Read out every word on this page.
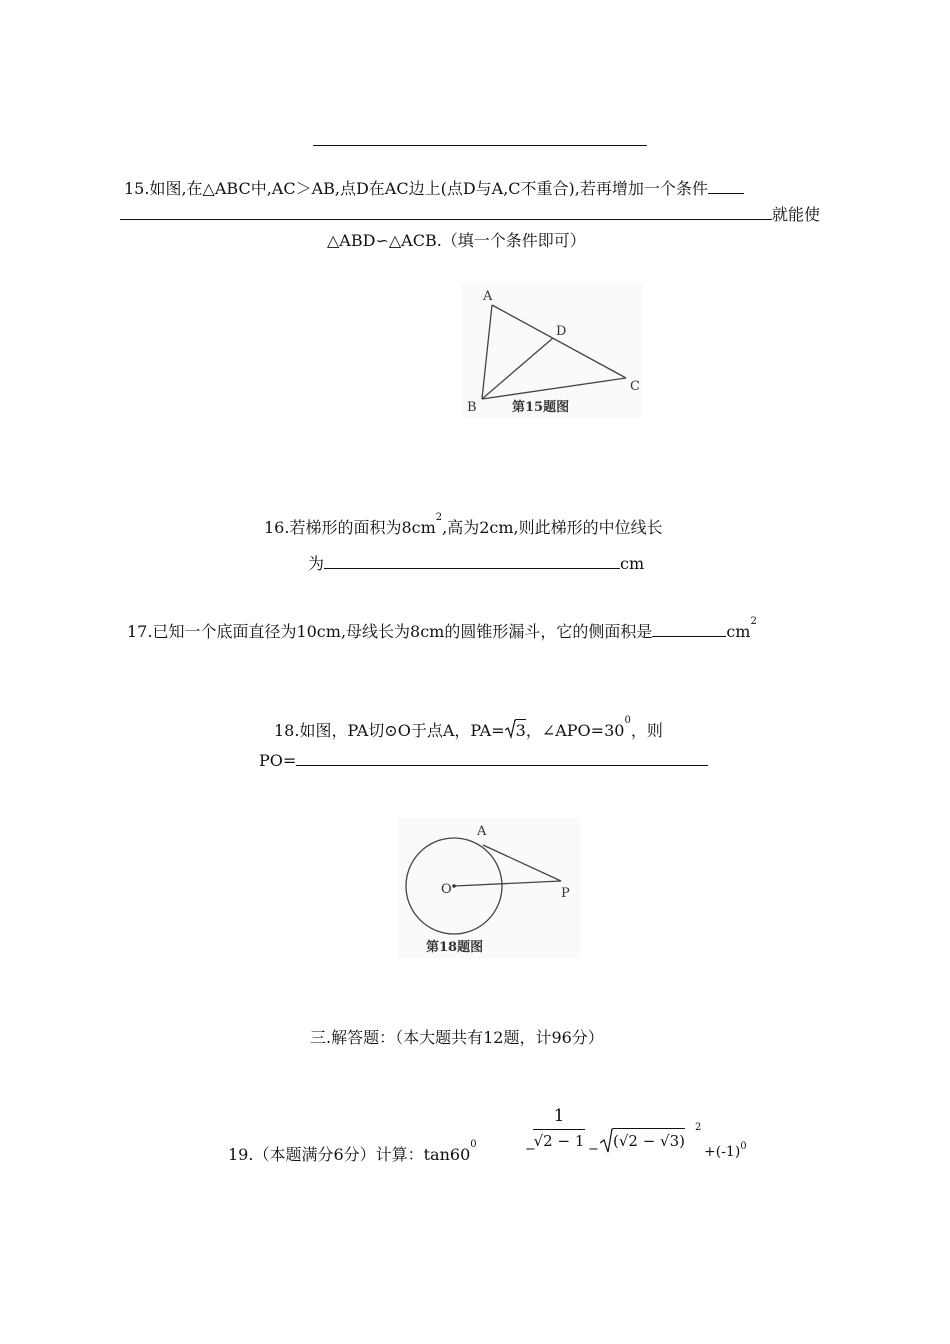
15.如图,在△ABC中,AC＞AB,点D在AC边上(点D与A,C不重合),若再增加一个条件
就能使
△ABD∽△ACB.（填一个条件即可）
A
B
C
D
第15题图
16.若梯形的面积为$8cm^2$,高为2cm,则此梯形的中位线长
为	cm
17.已知一个底面直径为10cm,母线长为8cm的圆锥形漏斗，它的侧面积是	$cm^2$
18.如图，PA切⊙O于点A，PA= 3，$\angle APO=30^0$，则
PO=
A
O	P
第18题图
三.解答题：（本大题共有12题，计96分）
19.（本题满分6分）计算：$\tan 60^0$	−
1
√2 − 1 − (√2 − √3)
2
$+(-1)^0$
